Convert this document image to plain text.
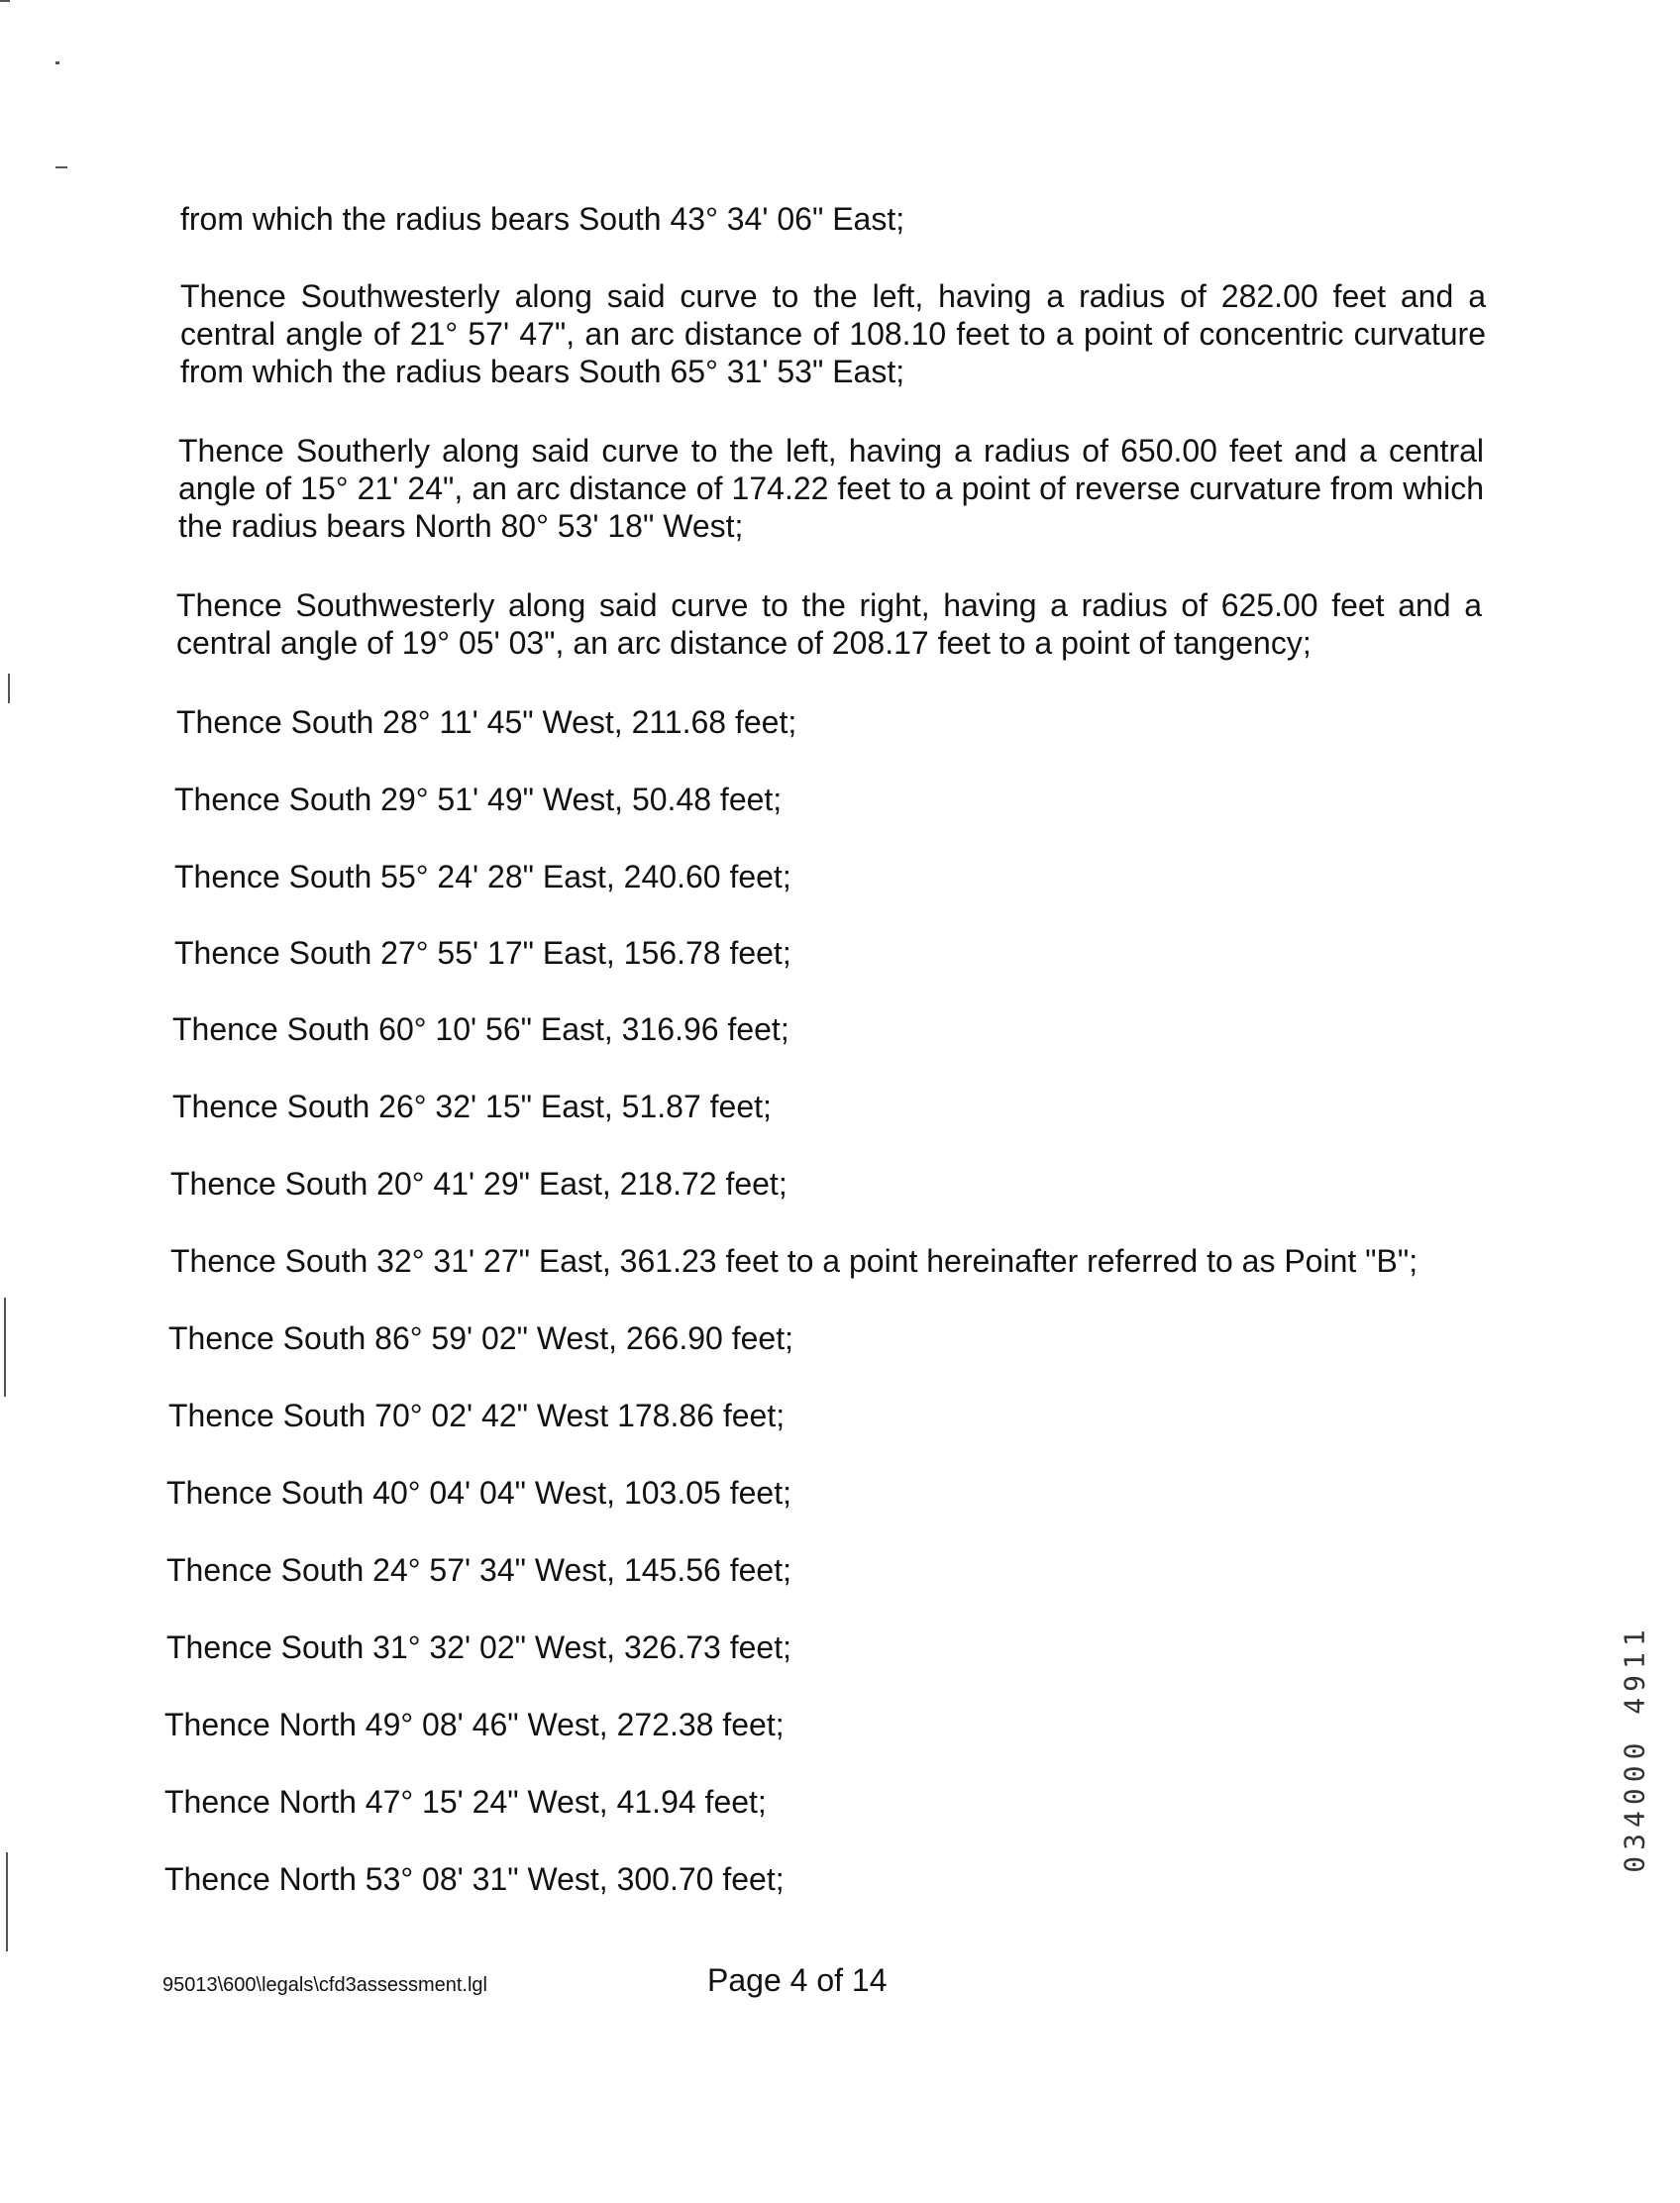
from which the radius bears South 43° 34' 06" East;

Thence Southwesterly along said curve to the left, having a radius of 282.00 feet and a central angle of 21° 57' 47", an arc distance of 108.10 feet to a point of concentric curvature from which the radius bears South 65° 31' 53" East;

Thence Southerly along said curve to the left, having a radius of 650.00 feet and a central angle of 15° 21' 24", an arc distance of 174.22 feet to a point of reverse curvature from which the radius bears North 80° 53' 18" West;

Thence Southwesterly along said curve to the right, having a radius of 625.00 feet and a central angle of 19° 05' 03", an arc distance of 208.17 feet to a point of tangency;

Thence South 28° 11' 45" West, 211.68 feet;

Thence South 29° 51' 49" West, 50.48 feet;

Thence South 55° 24' 28" East, 240.60 feet;

Thence South 27° 55' 17" East, 156.78 feet;

Thence South 60° 10' 56" East, 316.96 feet;

Thence South 26° 32' 15" East, 51.87 feet;

Thence South 20° 41' 29" East, 218.72 feet;

Thence South 32° 31' 27" East, 361.23 feet to a point hereinafter referred to as Point "B";

Thence South 86° 59' 02" West, 266.90 feet;

Thence South 70° 02' 42" West 178.86 feet;

Thence South 40° 04' 04" West, 103.05 feet;

Thence South 24° 57' 34" West, 145.56 feet;

Thence South 31° 32' 02" West, 326.73 feet;

Thence North 49° 08' 46" West, 272.38 feet;

Thence North 47° 15' 24" West, 41.94 feet;

Thence North 53° 08' 31" West, 300.70 feet;

95013\600\legals\cfd3assessment.lgl	Page 4 of 14
034000 4911
